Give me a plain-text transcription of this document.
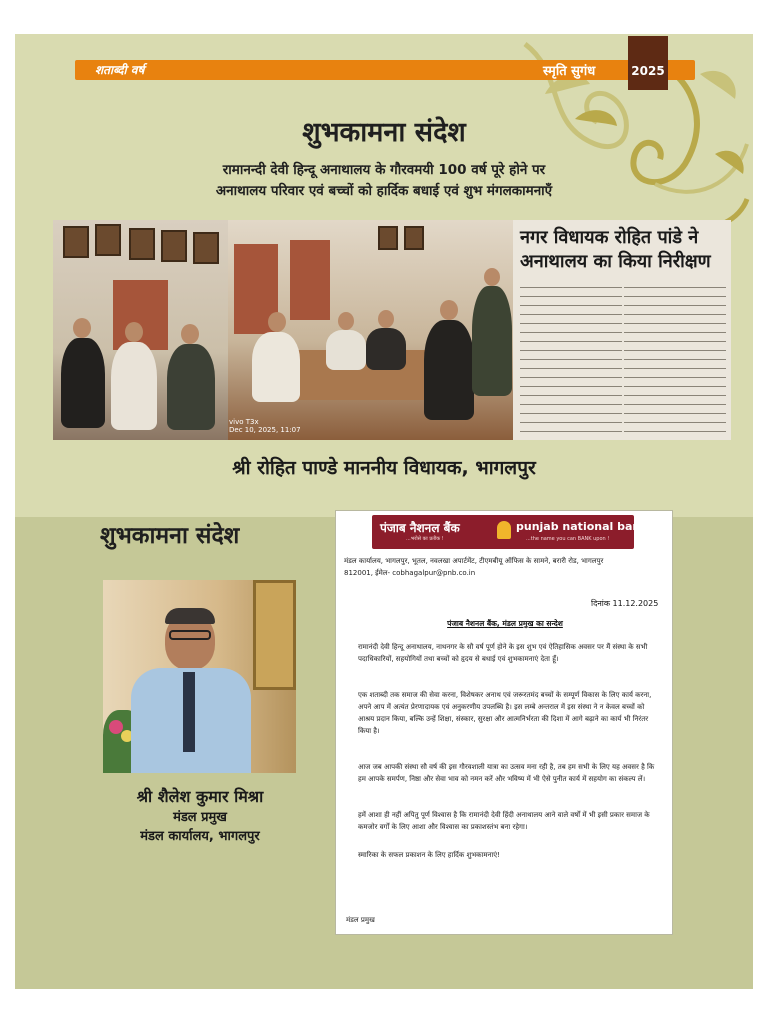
शताब्दी वर्ष	स्मृति सुगंध	2025
शुभकामना संदेश
रामानन्दी देवी हिन्दू अनाथालय के गौरवमयी 100 वर्ष पूरे होने पर
अनाथालय परिवार एवं बच्चों को हार्दिक बधाई एवं शुभ मंगलकामनाएँ
vivo T3x
Dec 10, 2025, 11:07
नगर विधायक रोहित पांडे ने अनाथालय का किया निरीक्षण
श्री रोहित पाण्डे माननीय विधायक, भागलपुर
शुभकामना संदेश
श्री शैलेश कुमार मिश्रा
मंडल प्रमुख
मंडल कार्यालय, भागलपुर
पंजाब नैशनल बैंक	punjab national bank
...भरोसे का प्रतीक !	...the name you can BANK upon !
मंडल कार्यालय, भागलपुर, भूतल, नवलखा अपार्टमेंट, टीएमबीयू ऑफिस के सामने, बरारी रोड, भागलपुर
812001, ईमेल- cobhagalpur@pnb.co.in
दिनांक 11.12.2025
पंजाब नैशनल बैंक, मंडल प्रमुख का सन्देश
रामानंदी देवी हिन्दू अनाथालय, नाथनगर के सौ वर्ष पूर्ण होने के इस शुभ एवं ऐतिहासिक अवसर पर मैं संस्था के सभी पदाधिकारियों, सहयोगियों तथा बच्चों को हृदय से बधाई एवं शुभकामनाएं देता हूँ।
एक शताब्दी तक समाज की सेवा करना, विशेषकर अनाथ एवं जरूरतमंद बच्चों के सम्पूर्ण विकास के लिए कार्य करना, अपने आप में अत्यंत प्रेरणादायक एवं अनुकरणीय उपलब्धि है। इस लम्बे अन्तराल में इस संस्था ने न केवल बच्चों को आश्रय प्रदान किया, बल्कि उन्हें शिक्षा, संस्कार, सुरक्षा और आत्मनिर्भरता की दिशा में आगे बढ़ाने का कार्य भी निरंतर किया है।
आज जब आपकी संस्था सौ वर्ष की इस गौरवशाली यात्रा का उत्सव मना रही है, तब हम सभी के लिए यह अवसर है कि हम आपके समर्पण, निष्ठा और सेवा भाव को नमन करें और भविष्य में भी ऐसे पुनीत कार्य में सहयोग का संकल्प लें।
हमें आशा ही नहीं अपितु पूर्ण विश्वास है कि रामानंदी देवी हिंदी अनाथालय आने वाले वर्षों में भी इसी प्रकार समाज के कमजोर वर्गों के लिए आशा और विश्वास का प्रकाशस्तंभ बना रहेगा।
स्मारिका के सफल प्रकाशन के लिए हार्दिक शुभकामनाएं!
मंडल प्रमुख
